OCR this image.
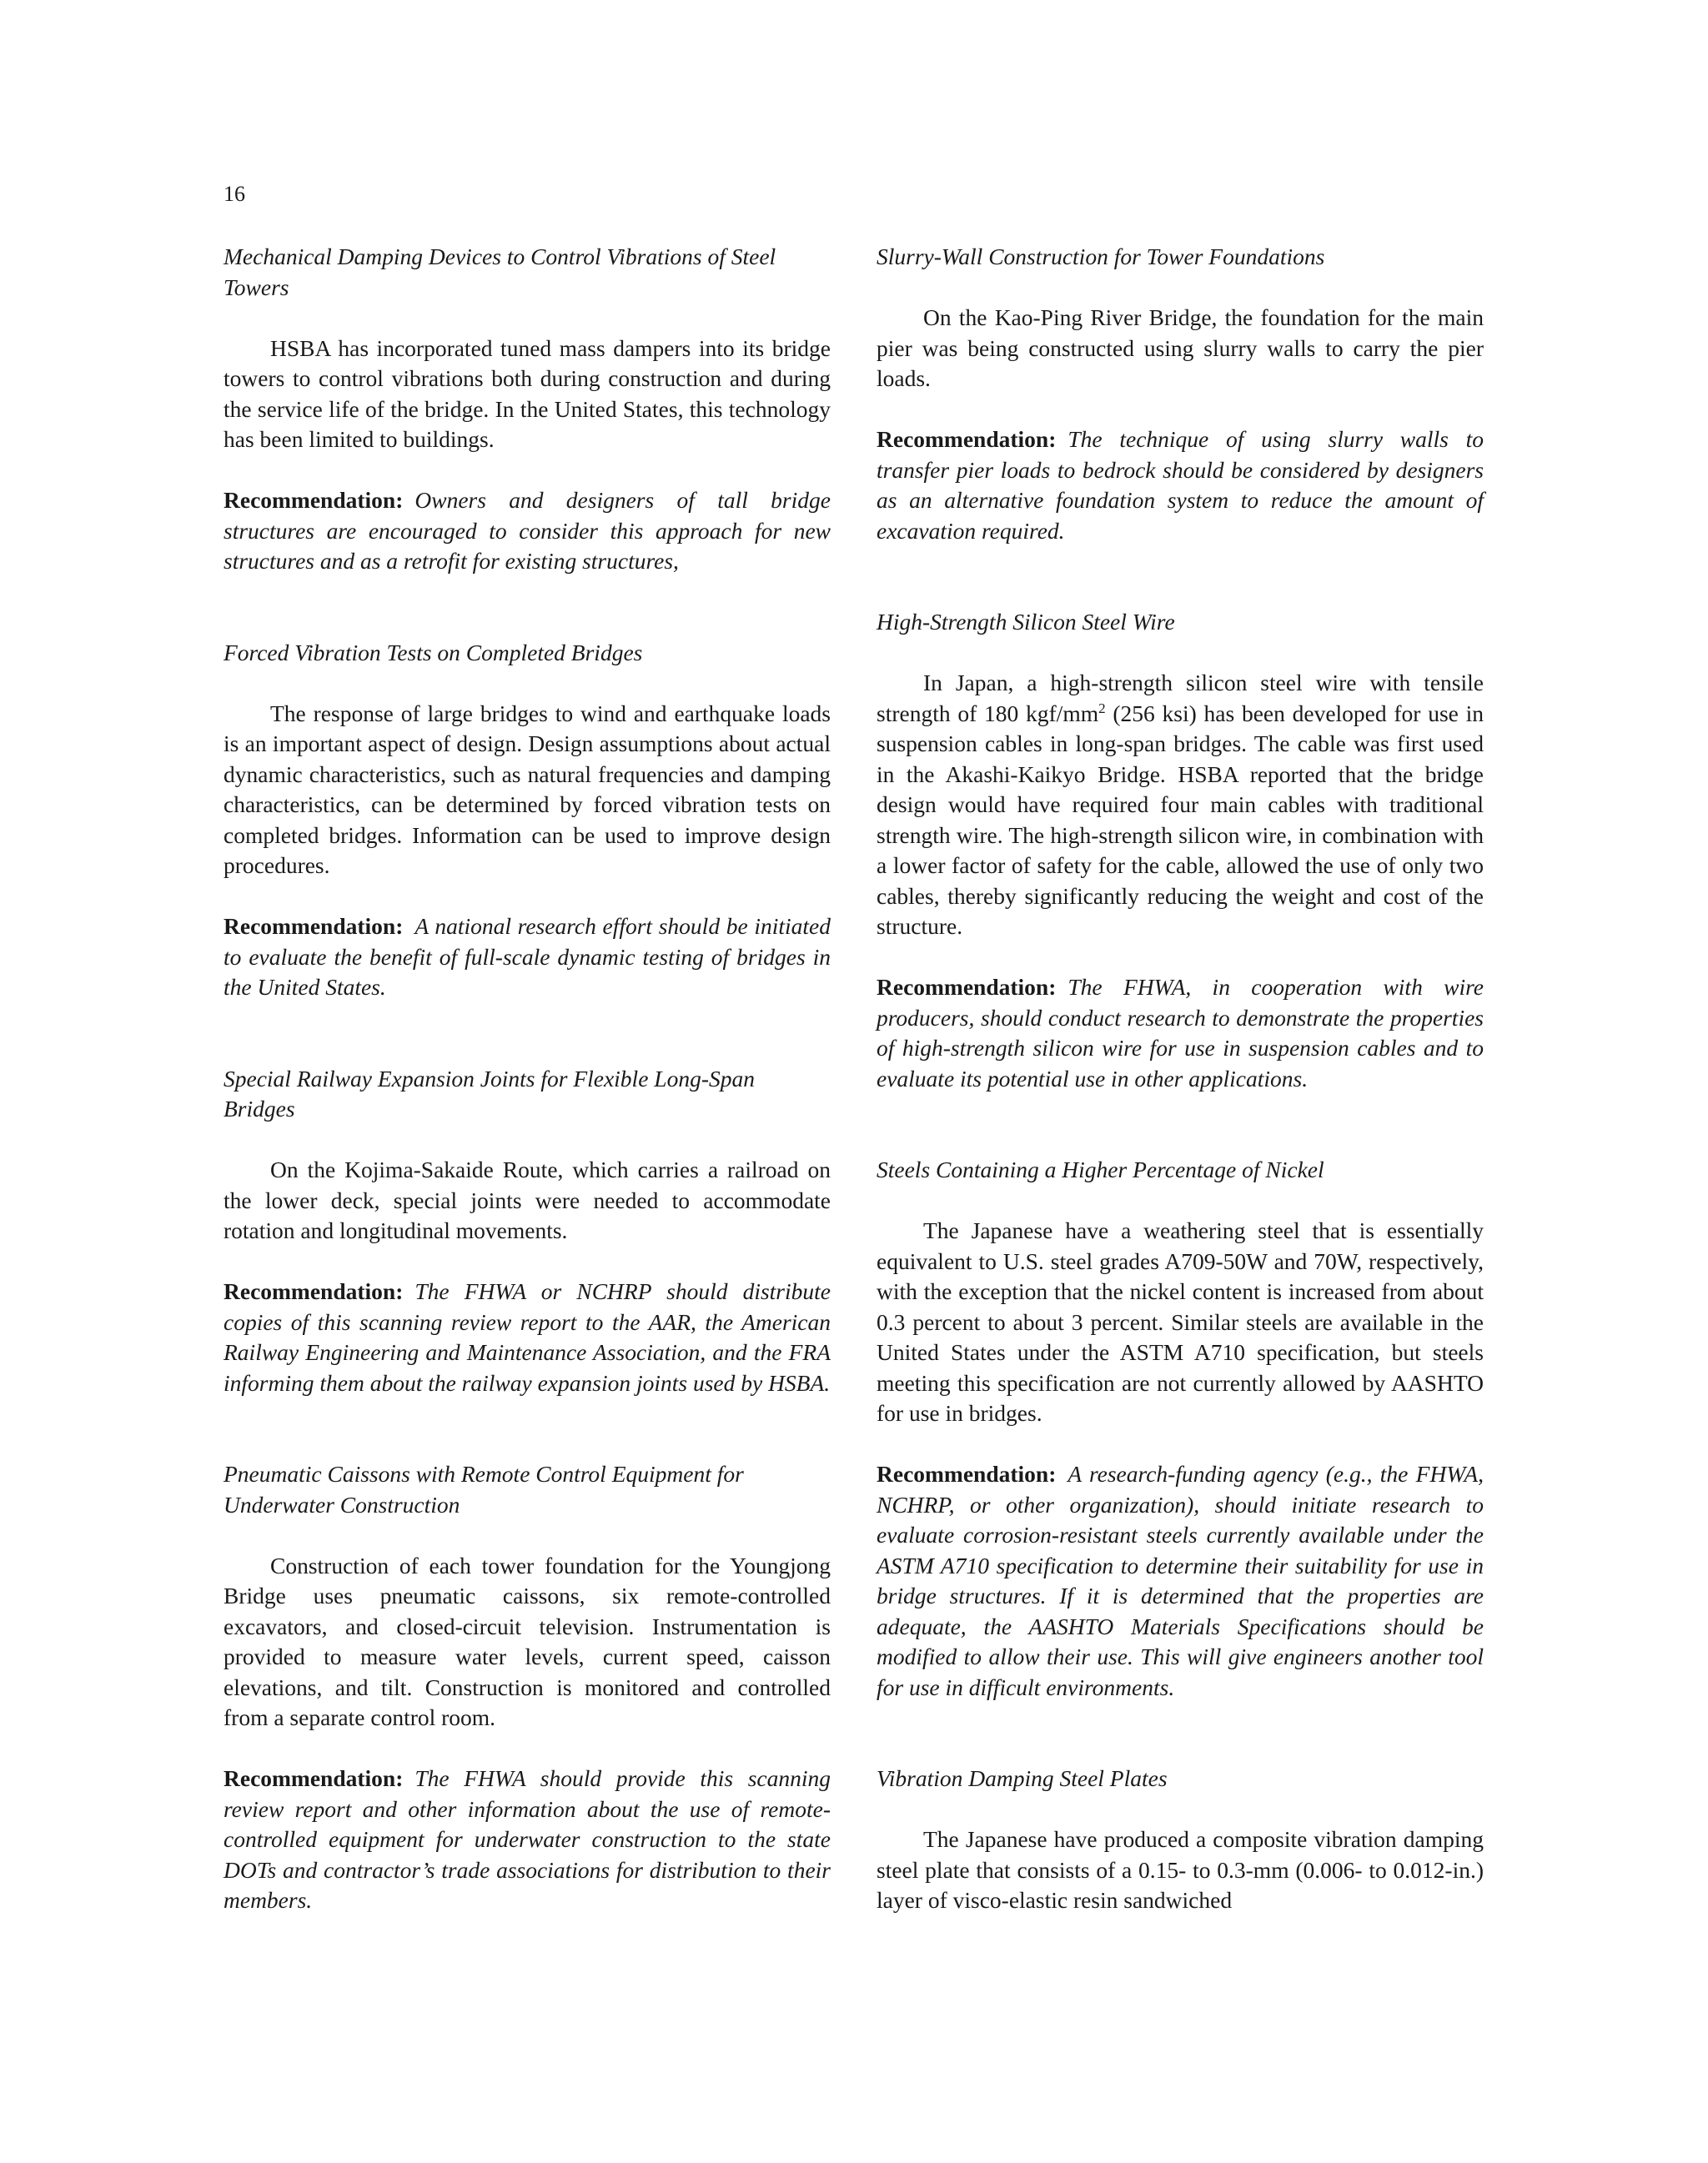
16

Mechanical Damping Devices to Control Vibrations of Steel Towers

HSBA has incorporated tuned mass dampers into its bridge towers to control vibrations both during construction and during the service life of the bridge. In the United States, this technology has been limited to buildings.

Recommendation: Owners and designers of tall bridge structures are encouraged to consider this approach for new structures and as a retrofit for existing structures,

Forced Vibration Tests on Completed Bridges

The response of large bridges to wind and earthquake loads is an important aspect of design. Design assumptions about actual dynamic characteristics, such as natural frequencies and damping characteristics, can be determined by forced vibration tests on completed bridges. Information can be used to improve design procedures.

Recommendation: A national research effort should be initiated to evaluate the benefit of full-scale dynamic testing of bridges in the United States.

Special Railway Expansion Joints for Flexible Long-Span Bridges

On the Kojima-Sakaide Route, which carries a railroad on the lower deck, special joints were needed to accommodate rotation and longitudinal movements.

Recommendation: The FHWA or NCHRP should distribute copies of this scanning review report to the AAR, the American Railway Engineering and Maintenance Association, and the FRA informing them about the railway expansion joints used by HSBA.

Pneumatic Caissons with Remote Control Equipment for Underwater Construction

Construction of each tower foundation for the Youngjong Bridge uses pneumatic caissons, six remote-controlled excavators, and closed-circuit television. Instrumentation is provided to measure water levels, current speed, caisson elevations, and tilt. Construction is monitored and controlled from a separate control room.

Recommendation: The FHWA should provide this scanning review report and other information about the use of remote-controlled equipment for underwater construction to the state DOTs and contractor’s trade associations for distribution to their members.

Slurry-Wall Construction for Tower Foundations

On the Kao-Ping River Bridge, the foundation for the main pier was being constructed using slurry walls to carry the pier loads.

Recommendation: The technique of using slurry walls to transfer pier loads to bedrock should be considered by designers as an alternative foundation system to reduce the amount of excavation required.

High-Strength Silicon Steel Wire

In Japan, a high-strength silicon steel wire with tensile strength of 180 kgf/$mm^2$ (256 ksi) has been developed for use in suspension cables in long-span bridges. The cable was first used in the Akashi-Kaikyo Bridge. HSBA reported that the bridge design would have required four main cables with traditional strength wire. The high-strength silicon wire, in combination with a lower factor of safety for the cable, allowed the use of only two cables, thereby significantly reducing the weight and cost of the structure.

Recommendation: The FHWA, in cooperation with wire producers, should conduct research to demonstrate the properties of high-strength silicon wire for use in suspension cables and to evaluate its potential use in other applications.

Steels Containing a Higher Percentage of Nickel

The Japanese have a weathering steel that is essentially equivalent to U.S. steel grades A709-50W and 70W, respectively, with the exception that the nickel content is increased from about 0.3 percent to about 3 percent. Similar steels are available in the United States under the ASTM A710 specification, but steels meeting this specification are not currently allowed by AASHTO for use in bridges.

Recommendation: A research-funding agency (e.g., the FHWA, NCHRP, or other organization), should initiate research to evaluate corrosion-resistant steels currently available under the ASTM A710 specification to determine their suitability for use in bridge structures. If it is determined that the properties are adequate, the AASHTO Materials Specifications should be modified to allow their use. This will give engineers another tool for use in difficult environments.

Vibration Damping Steel Plates

The Japanese have produced a composite vibration damping steel plate that consists of a 0.15- to 0.3-mm (0.006- to 0.012-in.) layer of visco-elastic resin sandwiched
